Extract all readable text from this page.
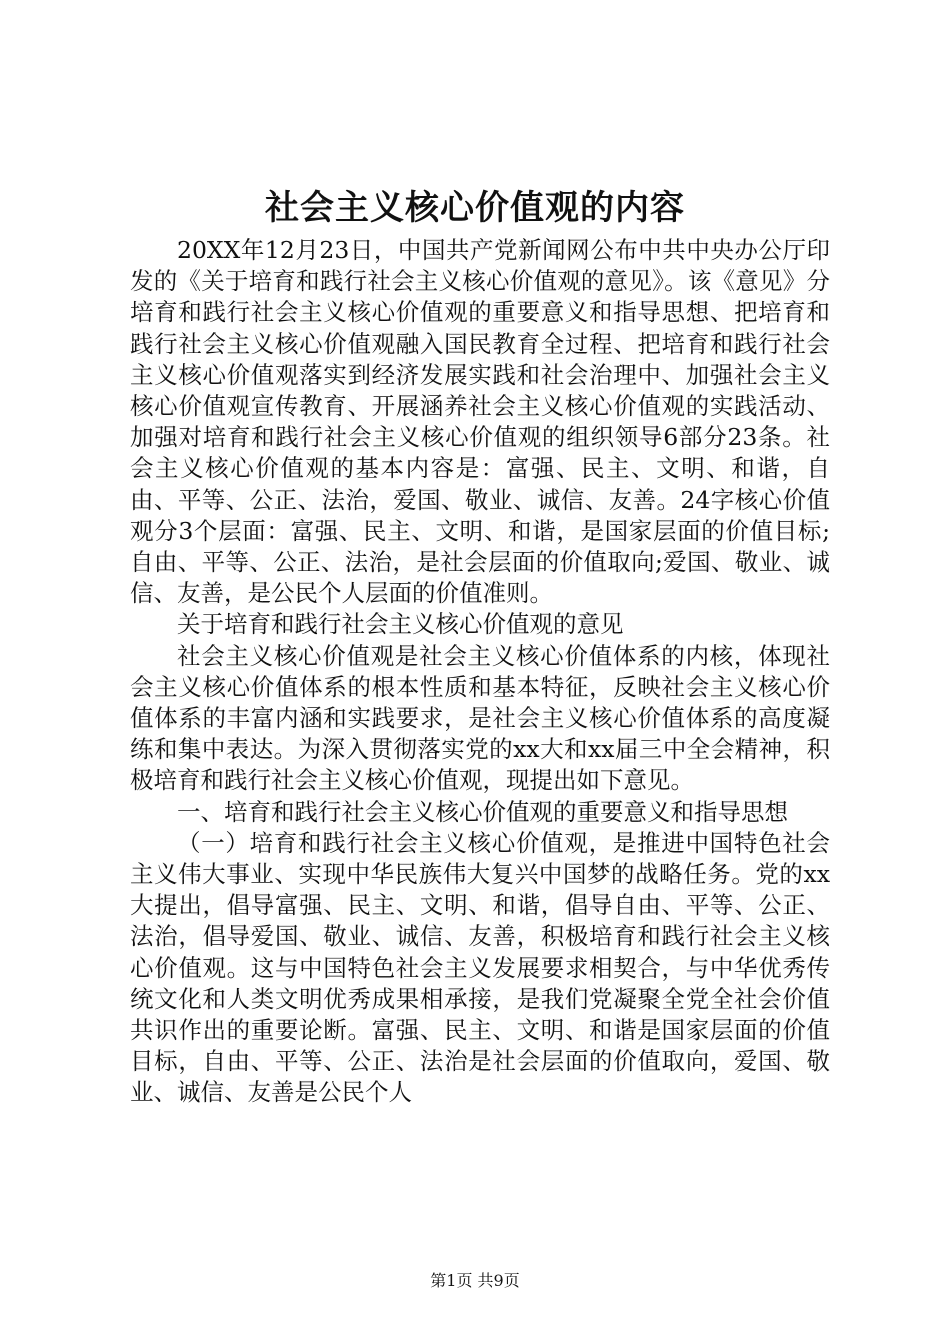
社会主义核心价值观的内容

20XX年12月23日，中国共产党新闻网公布中共中央办公厅印发的《关于培育和践行社会主义核心价值观的意见》。该《意见》分培育和践行社会主义核心价值观的重要意义和指导思想、把培育和践行社会主义核心价值观融入国民教育全过程、把培育和践行社会主义核心价值观落实到经济发展实践和社会治理中、加强社会主义核心价值观宣传教育、开展涵养社会主义核心价值观的实践活动、加强对培育和践行社会主义核心价值观的组织领导6部分23条。社会主义核心价值观的基本内容是：富强、民主、文明、和谐，自由、平等、公正、法治，爱国、敬业、诚信、友善。24字核心价值观分3个层面：富强、民主、文明、和谐，是国家层面的价值目标;自由、平等、公正、法治，是社会层面的价值取向;爱国、敬业、诚信、友善，是公民个人层面的价值准则。

关于培育和践行社会主义核心价值观的意见

社会主义核心价值观是社会主义核心价值体系的内核，体现社会主义核心价值体系的根本性质和基本特征，反映社会主义核心价值体系的丰富内涵和实践要求，是社会主义核心价值体系的高度凝练和集中表达。为深入贯彻落实党的xx大和xx届三中全会精神，积极培育和践行社会主义核心价值观，现提出如下意见。

一、培育和践行社会主义核心价值观的重要意义和指导思想

（一）培育和践行社会主义核心价值观，是推进中国特色社会主义伟大事业、实现中华民族伟大复兴中国梦的战略任务。党的xx大提出，倡导富强、民主、文明、和谐，倡导自由、平等、公正、法治，倡导爱国、敬业、诚信、友善，积极培育和践行社会主义核心价值观。这与中国特色社会主义发展要求相契合，与中华优秀传统文化和人类文明优秀成果相承接，是我们党凝聚全党全社会价值共识作出的重要论断。富强、民主、文明、和谐是国家层面的价值目标，自由、平等、公正、法治是社会层面的价值取向，爱国、敬业、诚信、友善是公民个人

第1页 共9页
